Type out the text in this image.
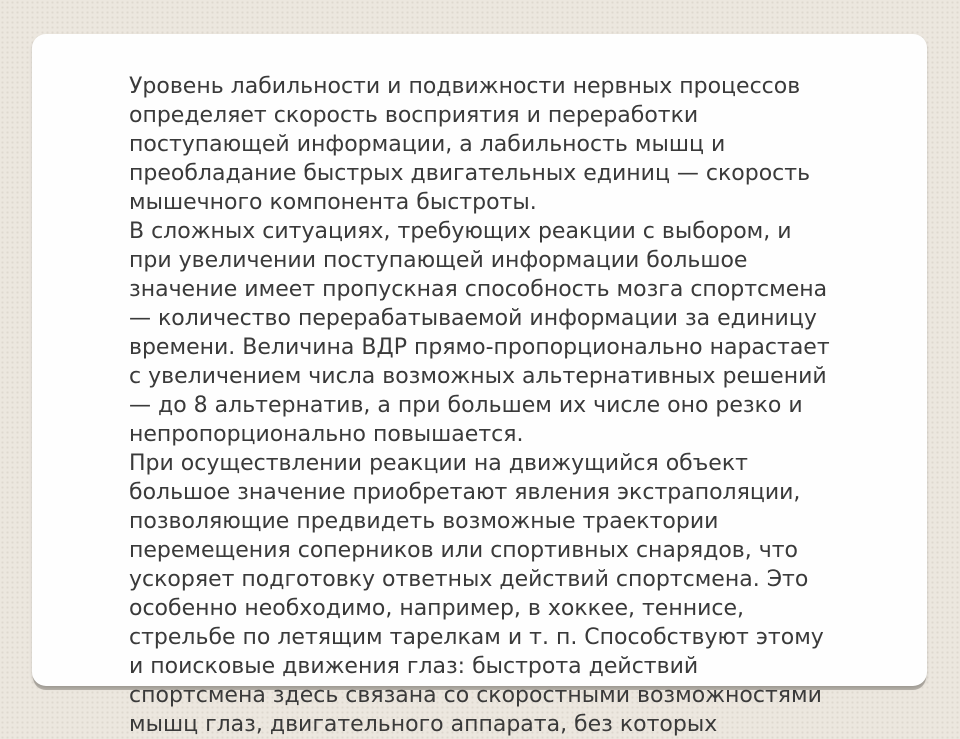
Уровень лабильности и подвижности нервных процессов
определяет скорость восприятия и переработки
поступающей информации, а лабильность мышц и
преобладание быстрых двигательных единиц — скорость
мышечного компонента быстроты.
В сложных ситуациях, требующих реакции с выбором, и
при увеличении поступающей информации большое
значение имеет пропускная способность мозга спортсмена
— количество перерабатываемой информации за единицу
времени. Величина ВДР прямо-пропорционально нарастает
с увеличением числа возможных альтернативных решений
— до 8 альтернатив, а при большем их числе оно резко и
непропорционально повышается.
При осуществлении реакции на движущийся объект
большое значение приобретают явления экстраполяции,
позволяющие предвидеть возможные траектории
перемещения соперников или спортивных снарядов, что
ускоряет подготовку ответных действий спортсмена. Это
особенно необходимо, например, в хоккее, теннисе,
стрельбе по летящим тарелкам и т. п. Способствуют этому
и поисковые движения глаз: быстрота действий
спортсмена здесь связана со скоростными возможностями
мышц глаз, двигательного аппарата, без которых
